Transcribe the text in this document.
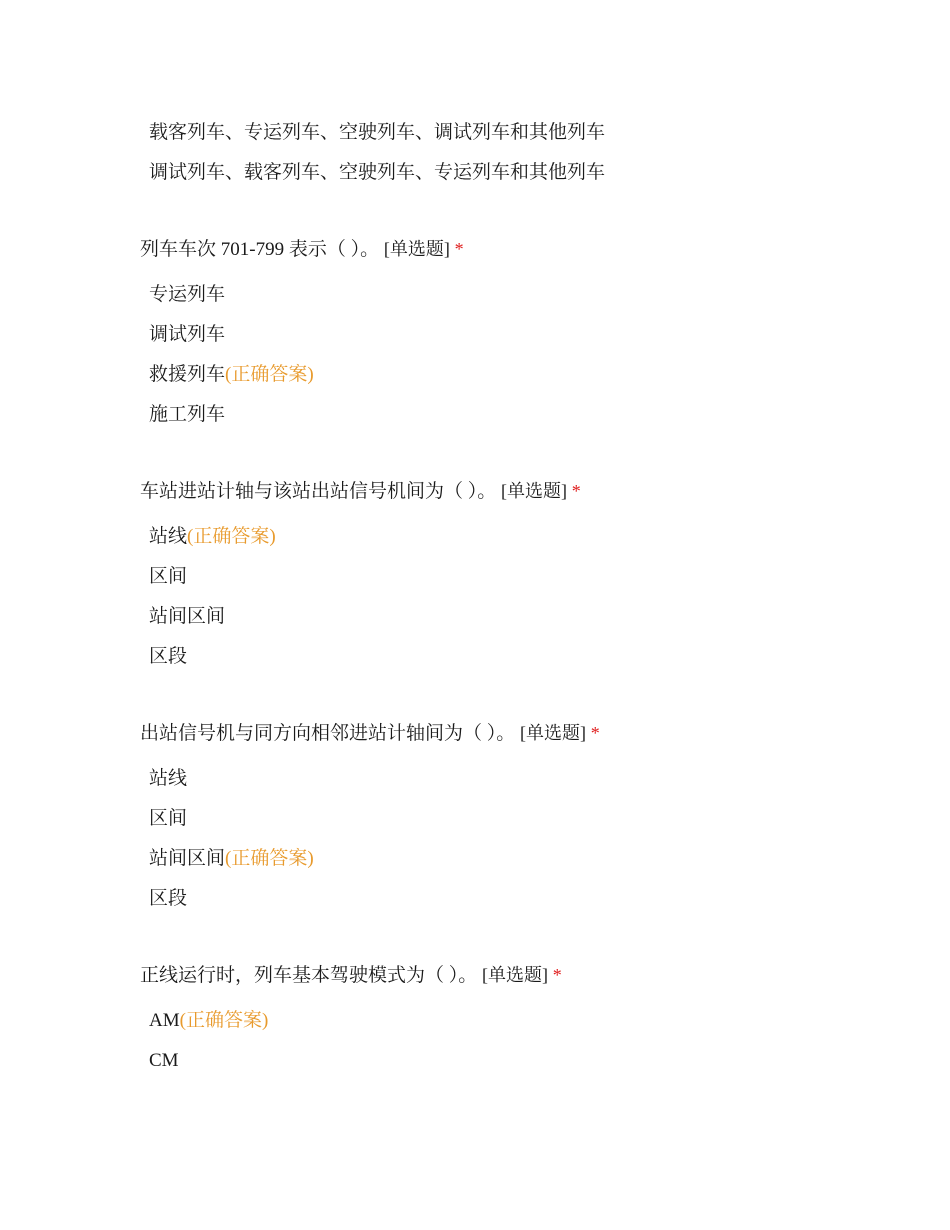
载客列车、专运列车、空驶列车、调试列车和其他列车
调试列车、载客列车、空驶列车、专运列车和其他列车
列车车次 701-799 表示（ ）。 [单选题] *
专运列车
调试列车
救援列车(正确答案)
施工列车
车站进站计轴与该站出站信号机间为（ ）。 [单选题] *
站线(正确答案)
区间
站间区间
区段
出站信号机与同方向相邻进站计轴间为（ ）。 [单选题] *
站线
区间
站间区间(正确答案)
区段
正线运行时，列车基本驾驶模式为（ ）。 [单选题] *
AM(正确答案)
CM
